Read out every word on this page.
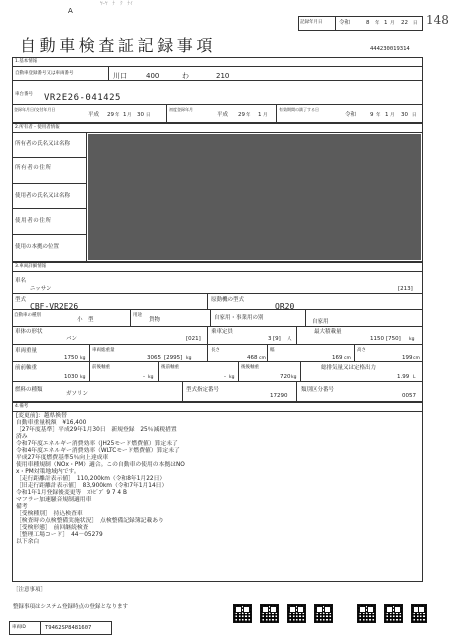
ﾔｰﾔ　ﾅ　ｸ　ﾅｲ
A
記録年月日	令和	8 年 1 月 22 日 148
自動車検査証記録事項	444230019314
1.基本情報
自動車登録番号又は車両番号	川口	400	わ	210
車台番号 VR2E26-041425
登録年月日/交付年月日
平成 29 年 1 月 30 日
初度登録年月
平成 29 年 1 月
有効期間の満了する日
令和	9 年 1 月 30 日
2.所有者・使用者情報
所有者の氏名又は名称
所有者の住所
使用者の氏名又は名称
使用者の住所
使用の本拠の位置
3.車両詳細情報
車名
ニッサン	[213]
型式
CBF-VR2E26
原動機の型式
QR20
自動車の種別
小　型
用途
貨物	自家用・事業用の別
自家用
車体の形状
バン	[021]
乗車定員
3 [9] 人
最大積載量
1150 [750] kg
車両重量
1750 kg
車両総重量
3065 [2995] kg
長さ
468 cm
幅
169 cm
高さ
199 cm
前前軸重
1030 kg
前後軸重
- kg
後前軸重
- kg
後後軸重
720 kg
総排気量又は定格出力
1.99 L
燃料の種類
ガソリン
型式指定番号
17290
類別区分番号
0057
4.備考
[変更前]：越県換替
自動車重量税額　¥16,400
［27年度基準］平成29年1月30日　新規登録　25％減税措置
済み
令和7年度エネルギー消費効率（JH25モード燃費値）算定未了
令和4年度エネルギー消費効率（WLTCモード燃費値）算定未了
平成27年度燃費基準5％向上達成車
使用車種規制（NOx・PM）適合。この自動車の使用の本拠はNO
x・PM対策地域内です。
［走行距離計表示値］　110,200km（令和8年1月22日）
［旧走行距離計表示値］　83,900km（令和7年1月14日）
令和1年1月登録後変更等　ｽﾄﾋﾞﾌﾞ 9 7 4 B
マフラー加速騒音規制適用車
備考
［受検種別］　持込検査車
［検査時の点検整備実施状況］　点検整備記録簿記載あり
［受検形態］　前回継続検査
［整理工場コード］　44－05279
以下余白
［注意事項］
整録事項はシステム登録時点の登録となります
車両ID	T9462SP8481607
